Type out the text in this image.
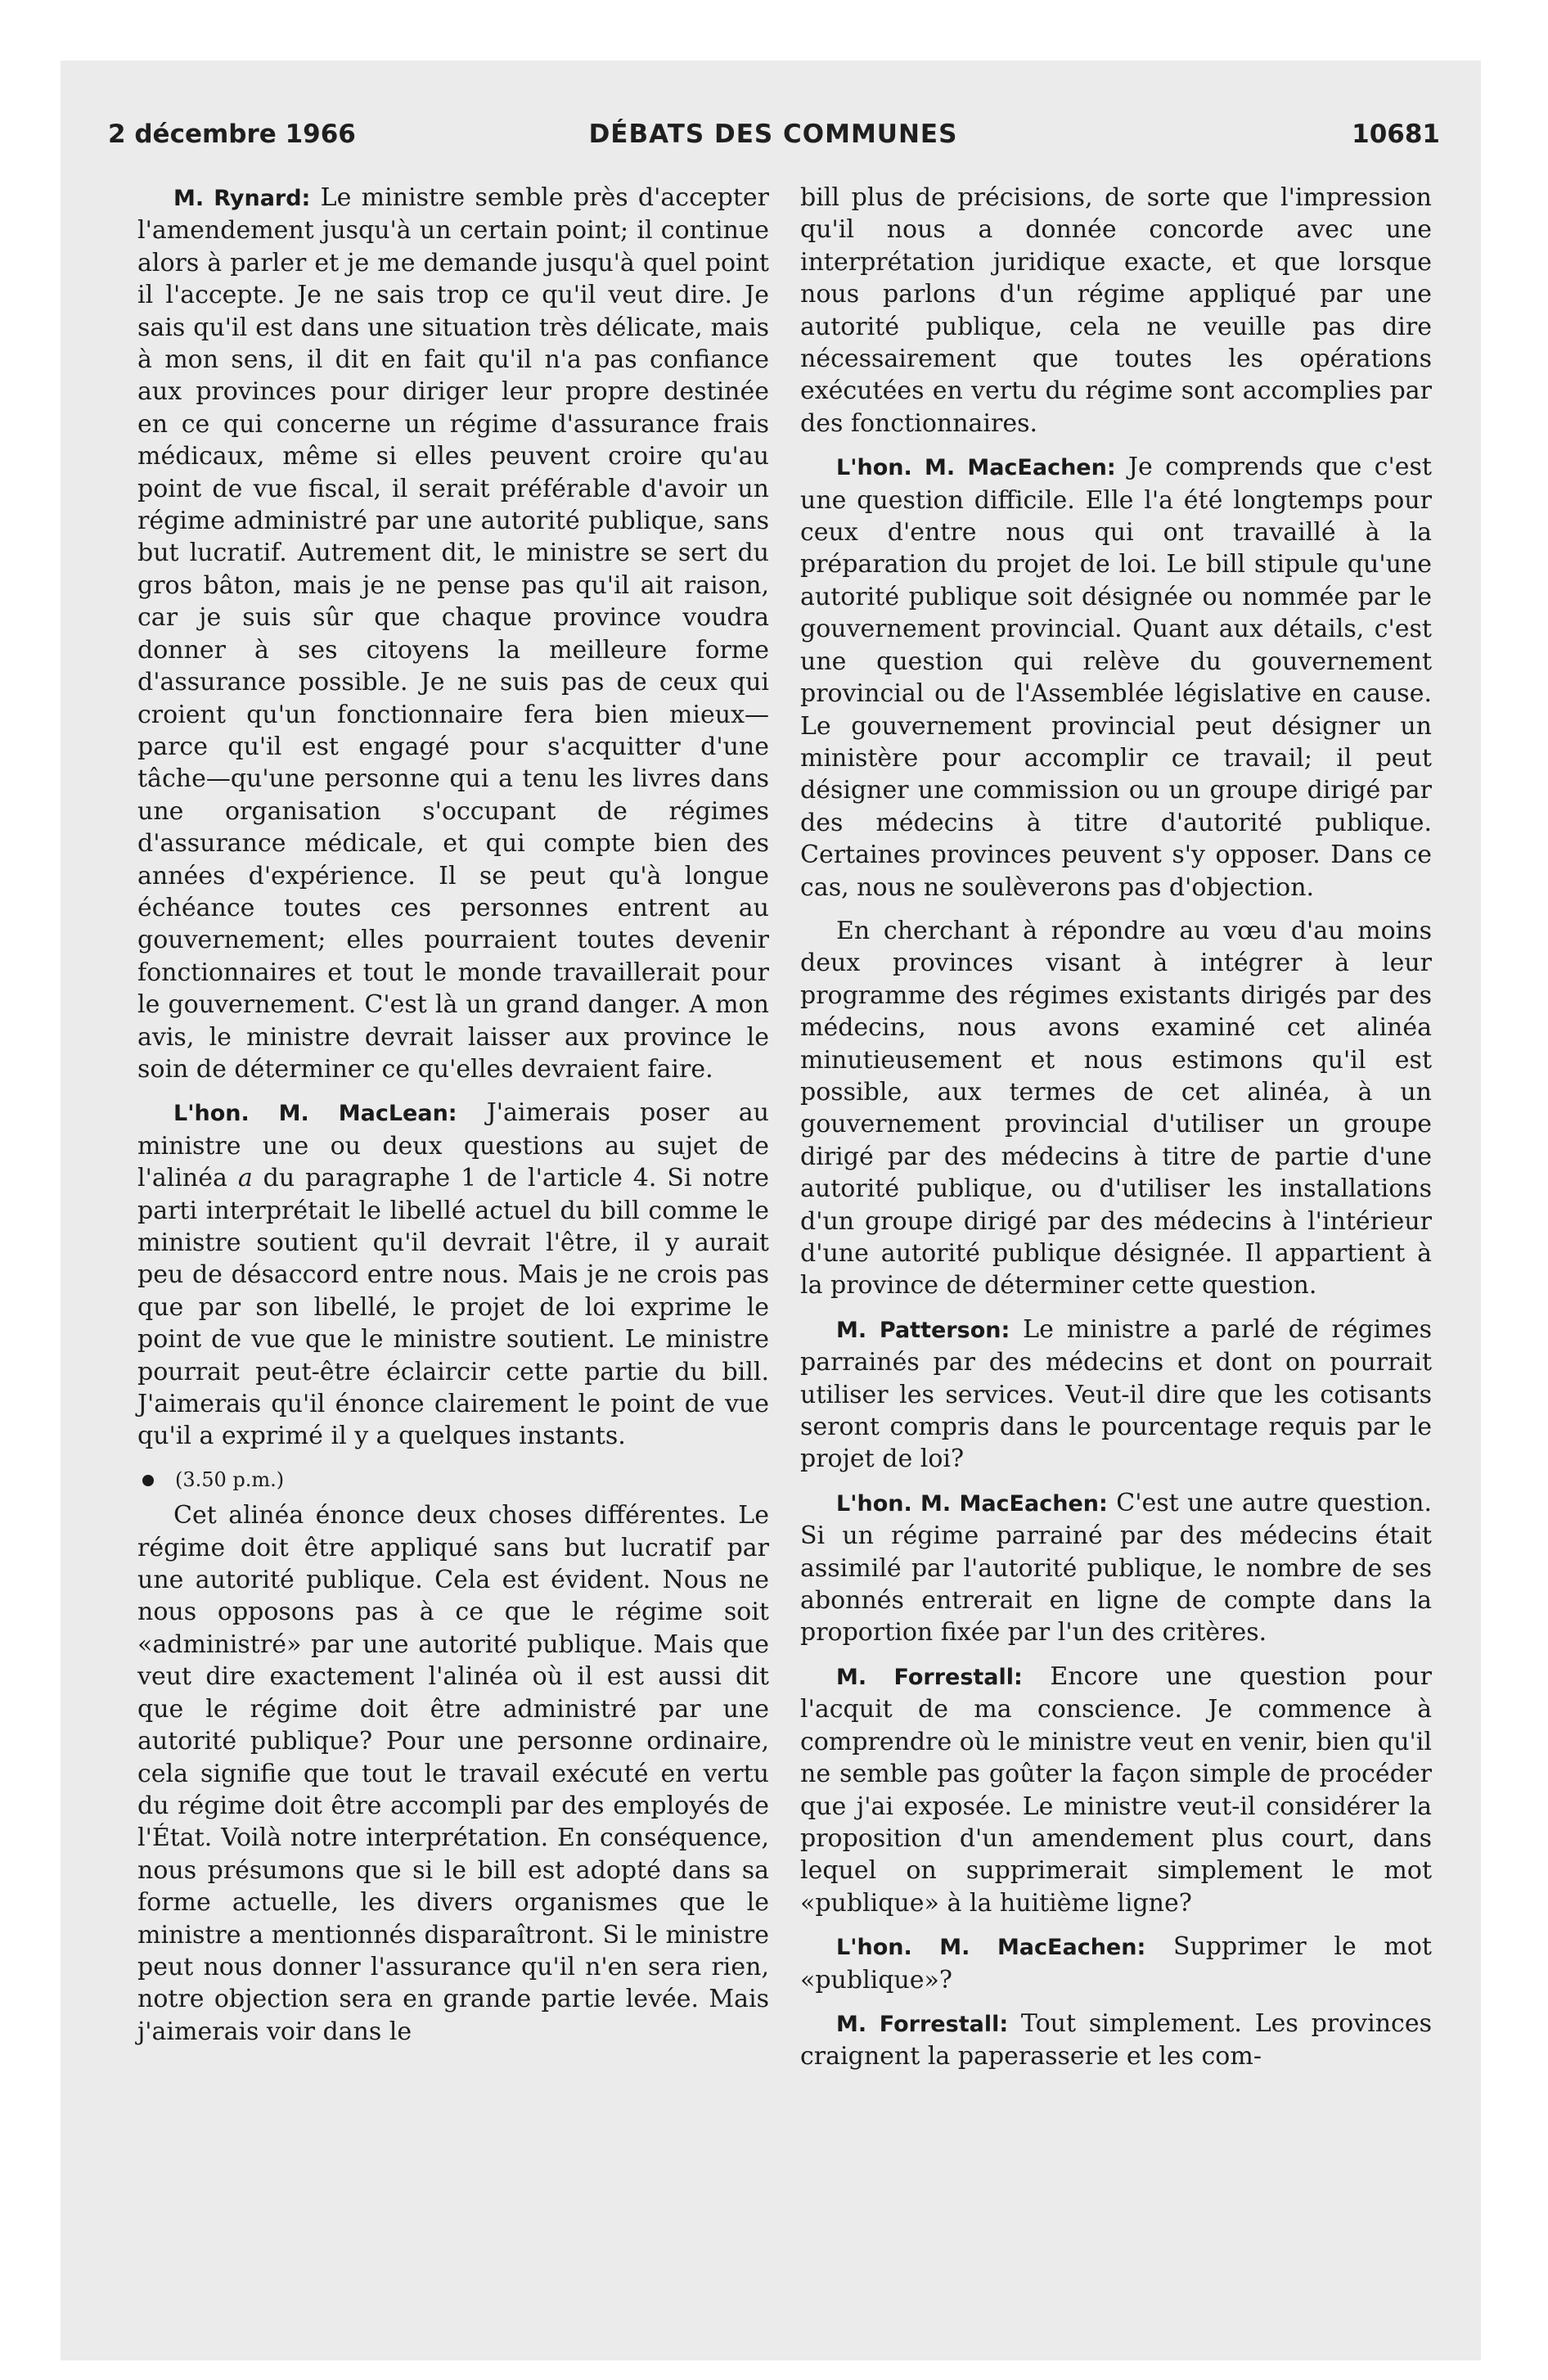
2 décembre 1966	DÉBATS DES COMMUNES	10681

M. Rynard: Le ministre semble près d'accepter l'amendement jusqu'à un certain point; il continue alors à parler et je me demande jusqu'à quel point il l'accepte. Je ne sais trop ce qu'il veut dire. Je sais qu'il est dans une situation très délicate, mais à mon sens, il dit en fait qu'il n'a pas confiance aux provinces pour diriger leur propre destinée en ce qui concerne un régime d'assurance frais médicaux, même si elles peuvent croire qu'au point de vue fiscal, il serait préférable d'avoir un régime administré par une autorité publique, sans but lucratif. Autrement dit, le ministre se sert du gros bâton, mais je ne pense pas qu'il ait raison, car je suis sûr que chaque province voudra donner à ses citoyens la meilleure forme d'assurance possible. Je ne suis pas de ceux qui croient qu'un fonctionnaire fera bien mieux—parce qu'il est engagé pour s'acquitter d'une tâche—qu'une personne qui a tenu les livres dans une organisation s'occupant de régimes d'assurance médicale, et qui compte bien des années d'expérience. Il se peut qu'à longue échéance toutes ces personnes entrent au gouvernement; elles pourraient toutes devenir fonctionnaires et tout le monde travaillerait pour le gouvernement. C'est là un grand danger. A mon avis, le ministre devrait laisser aux province le soin de déterminer ce qu'elles devraient faire.

L'hon. M. MacLean: J'aimerais poser au ministre une ou deux questions au sujet de l'alinéa a du paragraphe 1 de l'article 4. Si notre parti interprétait le libellé actuel du bill comme le ministre soutient qu'il devrait l'être, il y aurait peu de désaccord entre nous. Mais je ne crois pas que par son libellé, le projet de loi exprime le point de vue que le ministre soutient. Le ministre pourrait peut-être éclaircir cette partie du bill. J'aimerais qu'il énonce clairement le point de vue qu'il a exprimé il y a quelques instants.

(3.50 p.m.)

Cet alinéa énonce deux choses différentes. Le régime doit être appliqué sans but lucratif par une autorité publique. Cela est évident. Nous ne nous opposons pas à ce que le régime soit «administré» par une autorité publique. Mais que veut dire exactement l'alinéa où il est aussi dit que le régime doit être administré par une autorité publique? Pour une personne ordinaire, cela signifie que tout le travail exécuté en vertu du régime doit être accompli par des employés de l'État. Voilà notre interprétation. En conséquence, nous présumons que si le bill est adopté dans sa forme actuelle, les divers organismes que le ministre a mentionnés disparaîtront. Si le ministre peut nous donner l'assurance qu'il n'en sera rien, notre objection sera en grande partie levée. Mais j'aimerais voir dans le

bill plus de précisions, de sorte que l'impression qu'il nous a donnée concorde avec une interprétation juridique exacte, et que lorsque nous parlons d'un régime appliqué par une autorité publique, cela ne veuille pas dire nécessairement que toutes les opérations exécutées en vertu du régime sont accomplies par des fonctionnaires.

L'hon. M. MacEachen: Je comprends que c'est une question difficile. Elle l'a été longtemps pour ceux d'entre nous qui ont travaillé à la préparation du projet de loi. Le bill stipule qu'une autorité publique soit désignée ou nommée par le gouvernement provincial. Quant aux détails, c'est une question qui relève du gouvernement provincial ou de l'Assemblée législative en cause. Le gouvernement provincial peut désigner un ministère pour accomplir ce travail; il peut désigner une commission ou un groupe dirigé par des médecins à titre d'autorité publique. Certaines provinces peuvent s'y opposer. Dans ce cas, nous ne soulèverons pas d'objection.

En cherchant à répondre au vœu d'au moins deux provinces visant à intégrer à leur programme des régimes existants dirigés par des médecins, nous avons examiné cet alinéa minutieusement et nous estimons qu'il est possible, aux termes de cet alinéa, à un gouvernement provincial d'utiliser un groupe dirigé par des médecins à titre de partie d'une autorité publique, ou d'utiliser les installations d'un groupe dirigé par des médecins à l'intérieur d'une autorité publique désignée. Il appartient à la province de déterminer cette question.

M. Patterson: Le ministre a parlé de régimes parrainés par des médecins et dont on pourrait utiliser les services. Veut-il dire que les cotisants seront compris dans le pourcentage requis par le projet de loi?

L'hon. M. MacEachen: C'est une autre question. Si un régime parrainé par des médecins était assimilé par l'autorité publique, le nombre de ses abonnés entrerait en ligne de compte dans la proportion fixée par l'un des critères.

M. Forrestall: Encore une question pour l'acquit de ma conscience. Je commence à comprendre où le ministre veut en venir, bien qu'il ne semble pas goûter la façon simple de procéder que j'ai exposée. Le ministre veut-il considérer la proposition d'un amendement plus court, dans lequel on supprimerait simplement le mot «publique» à la huitième ligne?

L'hon. M. MacEachen: Supprimer le mot «publique»?

M. Forrestall: Tout simplement. Les provinces craignent la paperasserie et les com-
